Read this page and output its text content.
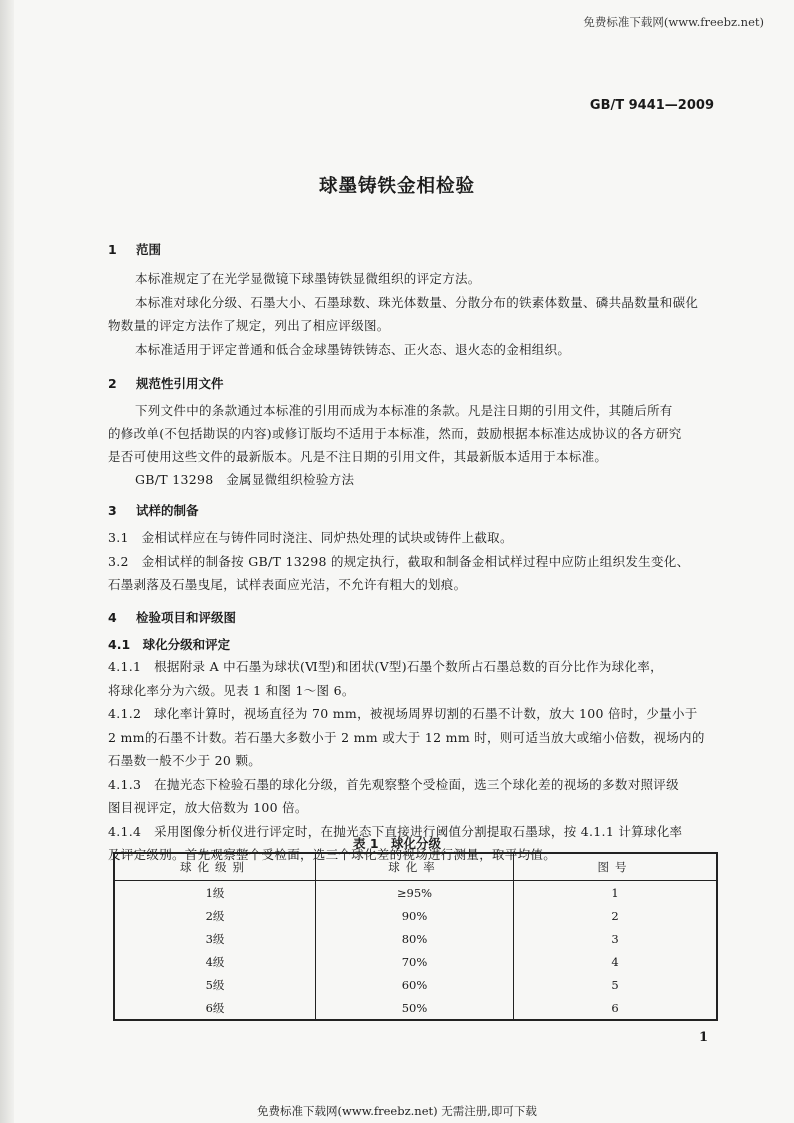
免费标准下载网(www.freebz.net)
GB/T 9441—2009
球墨铸铁金相检验
1 范围
本标准规定了在光学显微镜下球墨铸铁显微组织的评定方法。
本标准对球化分级、石墨大小、石墨球数、珠光体数量、分散分布的铁素体数量、磷共晶数量和碳化
物数量的评定方法作了规定，列出了相应评级图。
本标准适用于评定普通和低合金球墨铸铁铸态、正火态、退火态的金相组织。
2 规范性引用文件
下列文件中的条款通过本标准的引用而成为本标准的条款。凡是注日期的引用文件，其随后所有
的修改单(不包括勘误的内容)或修订版均不适用于本标准，然而，鼓励根据本标准达成协议的各方研究
是否可使用这些文件的最新版本。凡是不注日期的引用文件，其最新版本适用于本标准。
GB/T 13298　金属显微组织检验方法
3 试样的制备
3.1　金相试样应在与铸件同时浇注、同炉热处理的试块或铸件上截取。
3.2　金相试样的制备按 GB/T 13298 的规定执行，截取和制备金相试样过程中应防止组织发生变化、
石墨剥落及石墨曳尾，试样表面应光洁，不允许有粗大的划痕。
4 检验项目和评级图
4.1　球化分级和评定
4.1.1　根据附录 A 中石墨为球状(Ⅵ型)和团状(Ⅴ型)石墨个数所占石墨总数的百分比作为球化率，
将球化率分为六级。见表 1 和图 1～图 6。
4.1.2　球化率计算时，视场直径为 70 mm，被视场周界切割的石墨不计数，放大 100 倍时，少量小于
2 mm的石墨不计数。若石墨大多数小于 2 mm 或大于 12 mm 时，则可适当放大或缩小倍数，视场内的
石墨数一般不少于 20 颗。
4.1.3　在抛光态下检验石墨的球化分级，首先观察整个受检面，选三个球化差的视场的多数对照评级
图目视评定，放大倍数为 100 倍。
4.1.4　采用图像分析仪进行评定时，在抛光态下直接进行阈值分割提取石墨球，按 4.1.1 计算球化率
及评定级别。首先观察整个受检面，选三个球化差的视场进行测量，取平均值。
表 1　球化分级
球化级别	球化率	图号
1级	≥95%	1
2级	90%	2
3级	80%	3
4级	70%	4
5级	60%	5
6级	50%	6
1
免费标准下载网(www.freebz.net) 无需注册,即可下载
